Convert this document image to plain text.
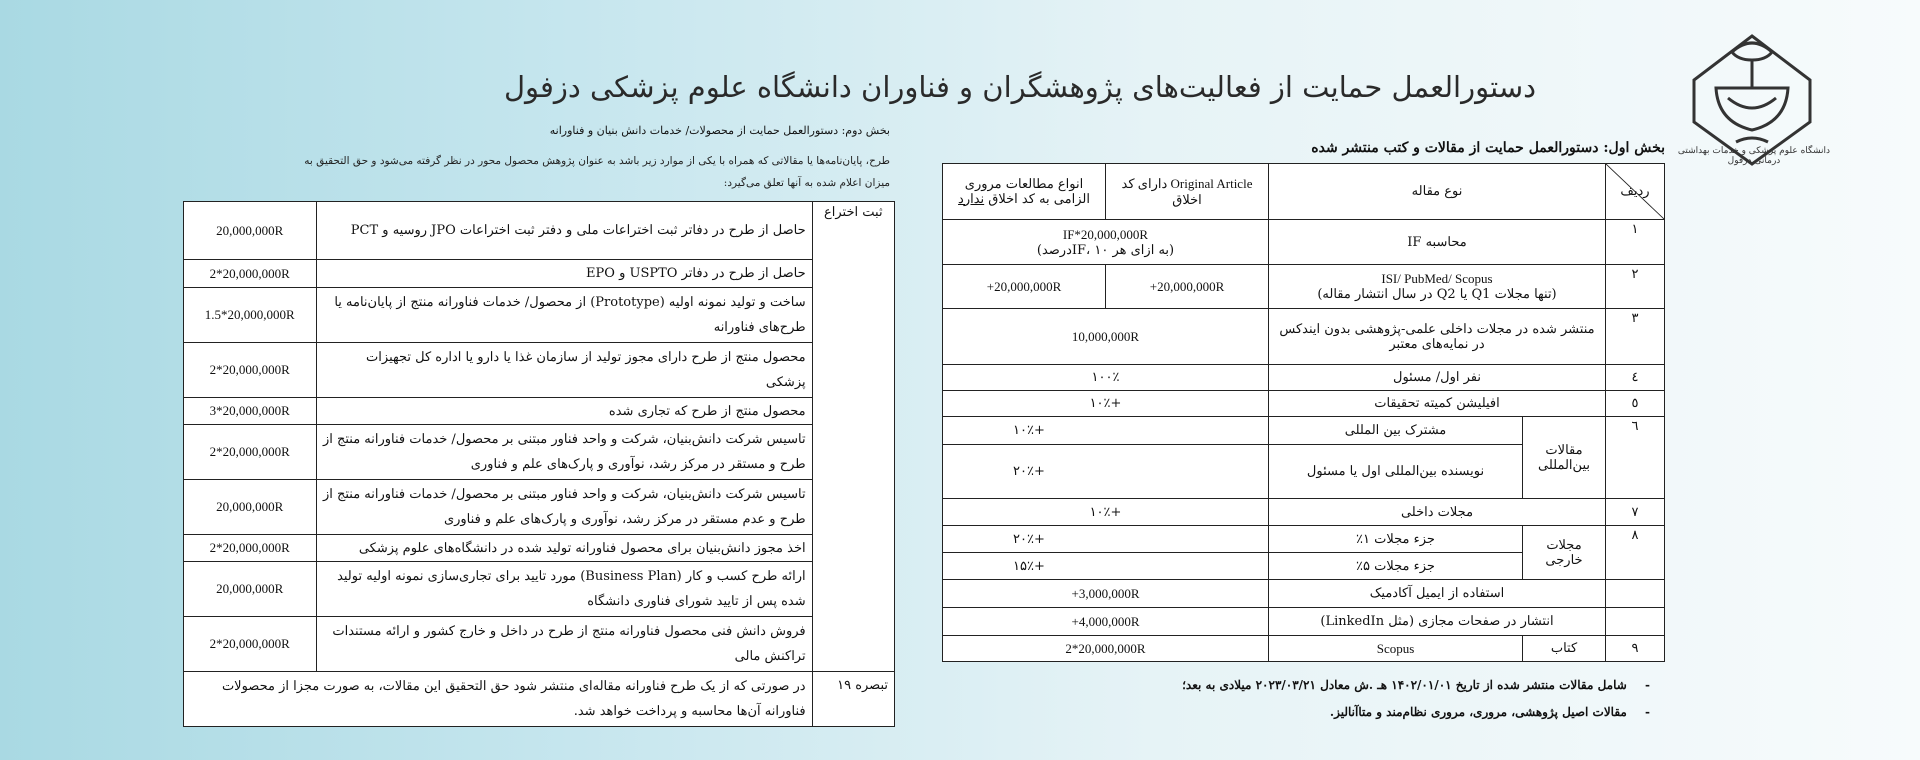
دستورالعمل حمایت از فعالیت‌های پژوهشگران و فناوران دانشگاه علوم پزشکی دزفول
دانشگاه علوم پزشکی و خدمات بهداشتی درمانی دزفول
بخش اول: دستورالعمل حمایت از مقالات و کتب منتشر شده
ردیف	نوع مقاله		Original Article دارای کد اخلاق	انواع مطالعات مروری الزامی به کد اخلاق ندارد
۱	محاسبه IF		IF*20,000,000R
(به ازای هر IF، ۱۰درصد)	

۲	ISI/ PubMed/ Scopus
(تنها مجلات Q1 یا Q2 در سال انتشار مقاله)		+20,000,000R	+20,000,000R
۳	منتشر شده در مجلات داخلی علمی-پژوهشی بدون ایندکس در نمایه‌های معتبر		10,000,000R	
٤	نفر اول/ مسئول		۱۰۰٪	
٥	افیلیشن کمیته تحقیقات		+۱۰٪	
٦	مقالات بین‌المللی	مشترک بین المللی	+۱۰٪	
		نویسنده بین‌المللی اول یا مسئول	+۲۰٪	
۷	مجلات داخلی		+۱۰٪	
۸	مجلات خارجی	جزء مجلات ۱٪	+۲۰٪	
		جزء مجلات ۵٪	+۱۵٪	
	استفاده از ایمیل آکادمیک		+3,000,000R	
	انتشار در صفحات مجازی (مثل LinkedIn)		+4,000,000R	
۹	کتاب	Scopus	2*20,000,000R	
- شامل مقالات منتشر شده از تاریخ ۱۴۰۲/۰۱/۰۱ هـ .ش معادل ۲۰۲۳/۰۳/۲۱ میلادی به بعد؛
- مقالات اصیل پژوهشی، مروری، مروری نظام‌مند و متاآنالیز.
بخش دوم: دستورالعمل حمایت از محصولات/ خدمات دانش بنیان و فناورانه
طرح، پایان‌نامه‌ها یا مقالاتی که همراه با یکی از موارد زیر باشد به عنوان پژوهش محصول محور در نظر گرفته می‌شود و حق التحقیق به میزان اعلام شده به آنها تعلق می‌گیرد:
ثبت اختراع	حاصل از طرح در دفاتر ثبت اختراعات ملی و دفتر ثبت اختراعات JPO روسیه و PCT	20,000,000R
	حاصل از طرح در دفاتر USPTO و EPO	2*20,000,000R
	ساخت و تولید نمونه اولیه (Prototype) از محصول/ خدمات فناورانه منتج از پایان‌نامه یا طرح‌های فناورانه	1.5*20,000,000R
	محصول منتج از طرح دارای مجوز تولید از سازمان غذا یا دارو یا اداره کل تجهیزات پزشکی	2*20,000,000R
	محصول منتج از طرح که تجاری شده	3*20,000,000R
	تاسیس شرکت دانش‌بنیان، شرکت و واحد فناور مبتنی بر محصول/ خدمات فناورانه منتج از طرح و مستقر در مرکز رشد، نوآوری و پارک‌های علم و فناوری	2*20,000,000R
	تاسیس شرکت دانش‌بنیان، شرکت و واحد فناور مبتنی بر محصول/ خدمات فناورانه منتج از طرح و عدم مستقر در مرکز رشد، نوآوری و پارک‌های علم و فناوری	20,000,000R
	اخذ مجوز دانش‌بنیان برای محصول فناورانه تولید شده در دانشگاه‌های علوم پزشکی	2*20,000,000R
	ارائه طرح کسب و کار (Business Plan) مورد تایید برای تجاری‌سازی نمونه اولیه تولید شده پس از تایید شورای فناوری دانشگاه	20,000,000R
	فروش دانش فنی محصول فناورانه منتج از طرح در داخل و خارج کشور و ارائه مستندات تراکنش مالی	2*20,000,000R
تبصره ۱۹	در صورتی که از یک طرح فناورانه مقاله‌ای منتشر شود حق التحقیق این مقالات، به صورت مجزا از محصولات فناورانه آن‌ها محاسبه و پرداخت خواهد شد.	
